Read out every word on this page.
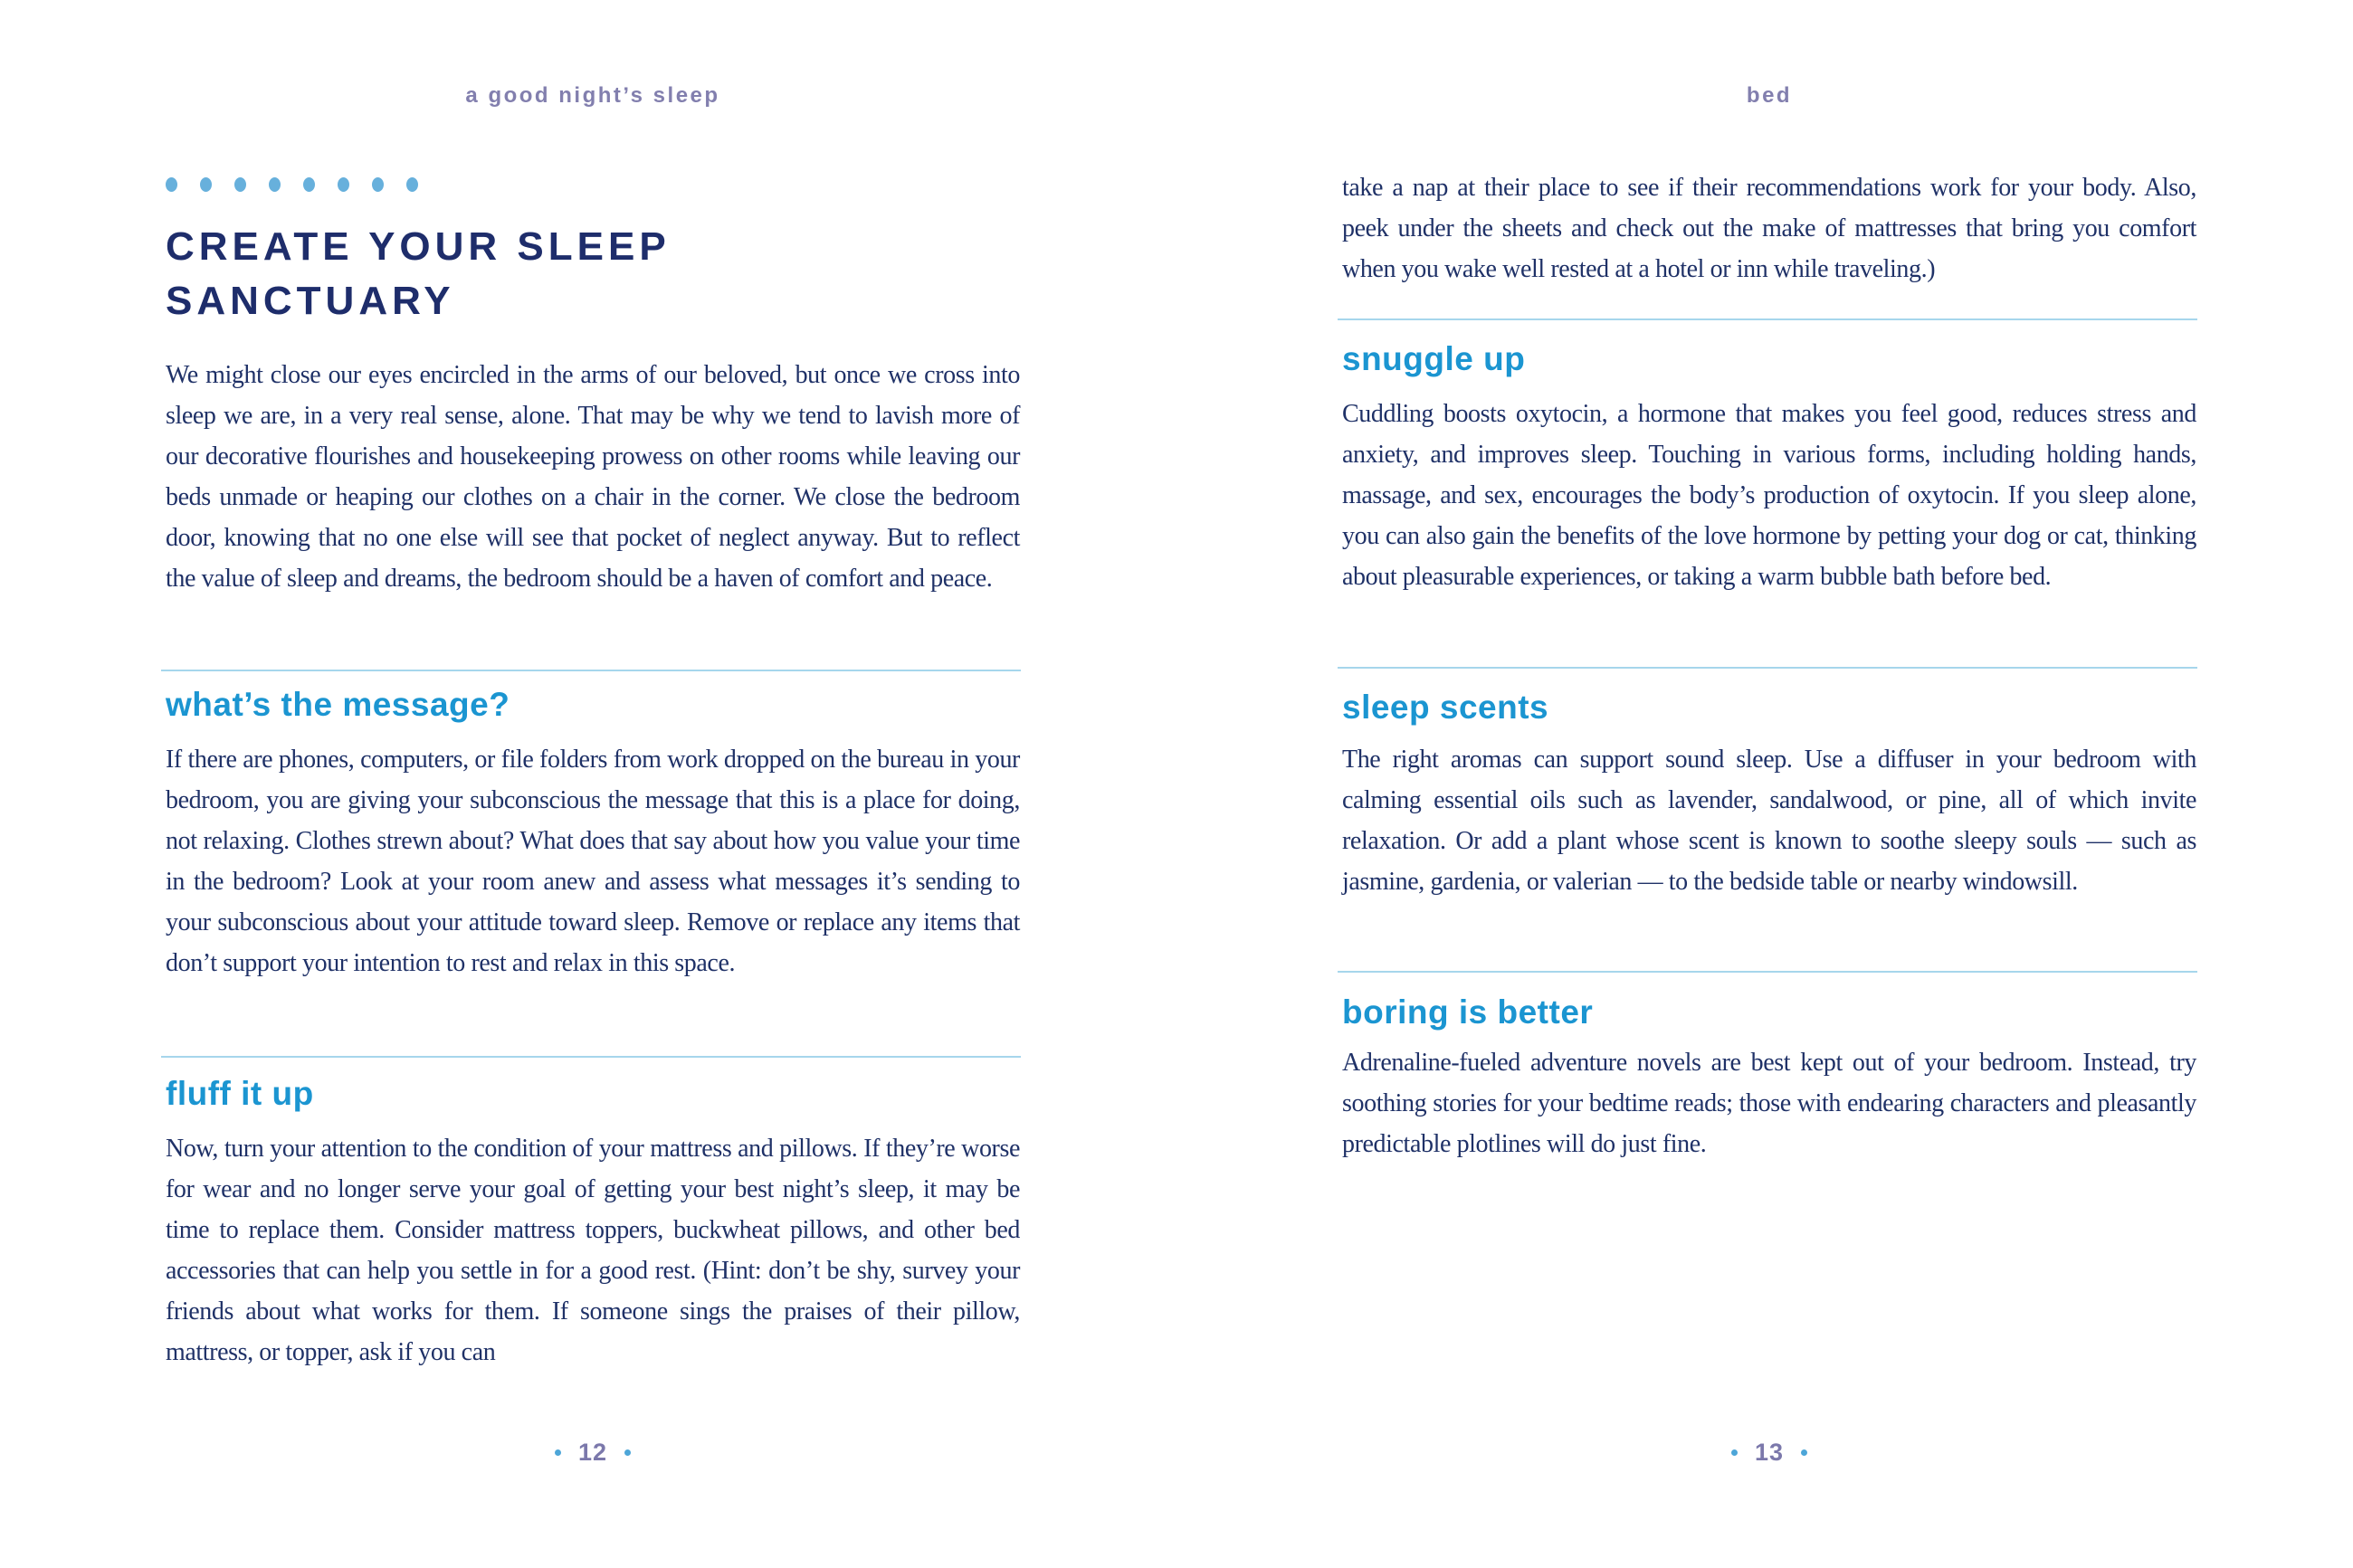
a good night’s sleep
CREATE YOUR SLEEP
SANCTUARY

We might close our eyes encircled in the arms of our beloved, but once we cross into sleep we are, in a very real sense, alone. That may be why we tend to lavish more of our decorative flourishes and housekeeping prowess on other rooms while leaving our beds unmade or heaping our clothes on a chair in the corner. We close the bedroom door, knowing that no one else will see that pocket of neglect anyway. But to reflect the value of sleep and dreams, the bedroom should be a haven of comfort and peace.

what’s the message?

If there are phones, computers, or file folders from work dropped on the bureau in your bedroom, you are giving your subconscious the message that this is a place for doing, not relaxing. Clothes strewn about? What does that say about how you value your time in the bedroom? Look at your room anew and assess what messages it’s sending to your subconscious about your attitude toward sleep. Remove or replace any items that don’t support your intention to rest and relax in this space.

fluff it up

Now, turn your attention to the condition of your mattress and pillows. If they’re worse for wear and no longer serve your goal of getting your best night’s sleep, it may be time to replace them. Consider mattress toppers, buckwheat pillows, and other bed accessories that can help you settle in for a good rest. (Hint: don’t be shy, survey your friends about what works for them. If someone sings the praises of their pillow, mattress, or topper, ask if you can

12
bed

take a nap at their place to see if their recommendations work for your body. Also, peek under the sheets and check out the make of mattresses that bring you comfort when you wake well rested at a hotel or inn while traveling.)

snuggle up

Cuddling boosts oxytocin, a hormone that makes you feel good, reduces stress and anxiety, and improves sleep. Touching in various forms, including holding hands, massage, and sex, encourages the body’s production of oxytocin. If you sleep alone, you can also gain the benefits of the love hormone by petting your dog or cat, thinking about pleasurable experiences, or taking a warm bubble bath before bed.

sleep scents

The right aromas can support sound sleep. Use a diffuser in your bedroom with calming essential oils such as lavender, sandalwood, or pine, all of which invite relaxation. Or add a plant whose scent is known to soothe sleepy souls — such as jasmine, gardenia, or valerian — to the bedside table or nearby windowsill.

boring is better

Adrenaline-fueled adventure novels are best kept out of your bedroom. Instead, try soothing stories for your bedtime reads; those with endearing characters and pleasantly predictable plotlines will do just fine.

13
